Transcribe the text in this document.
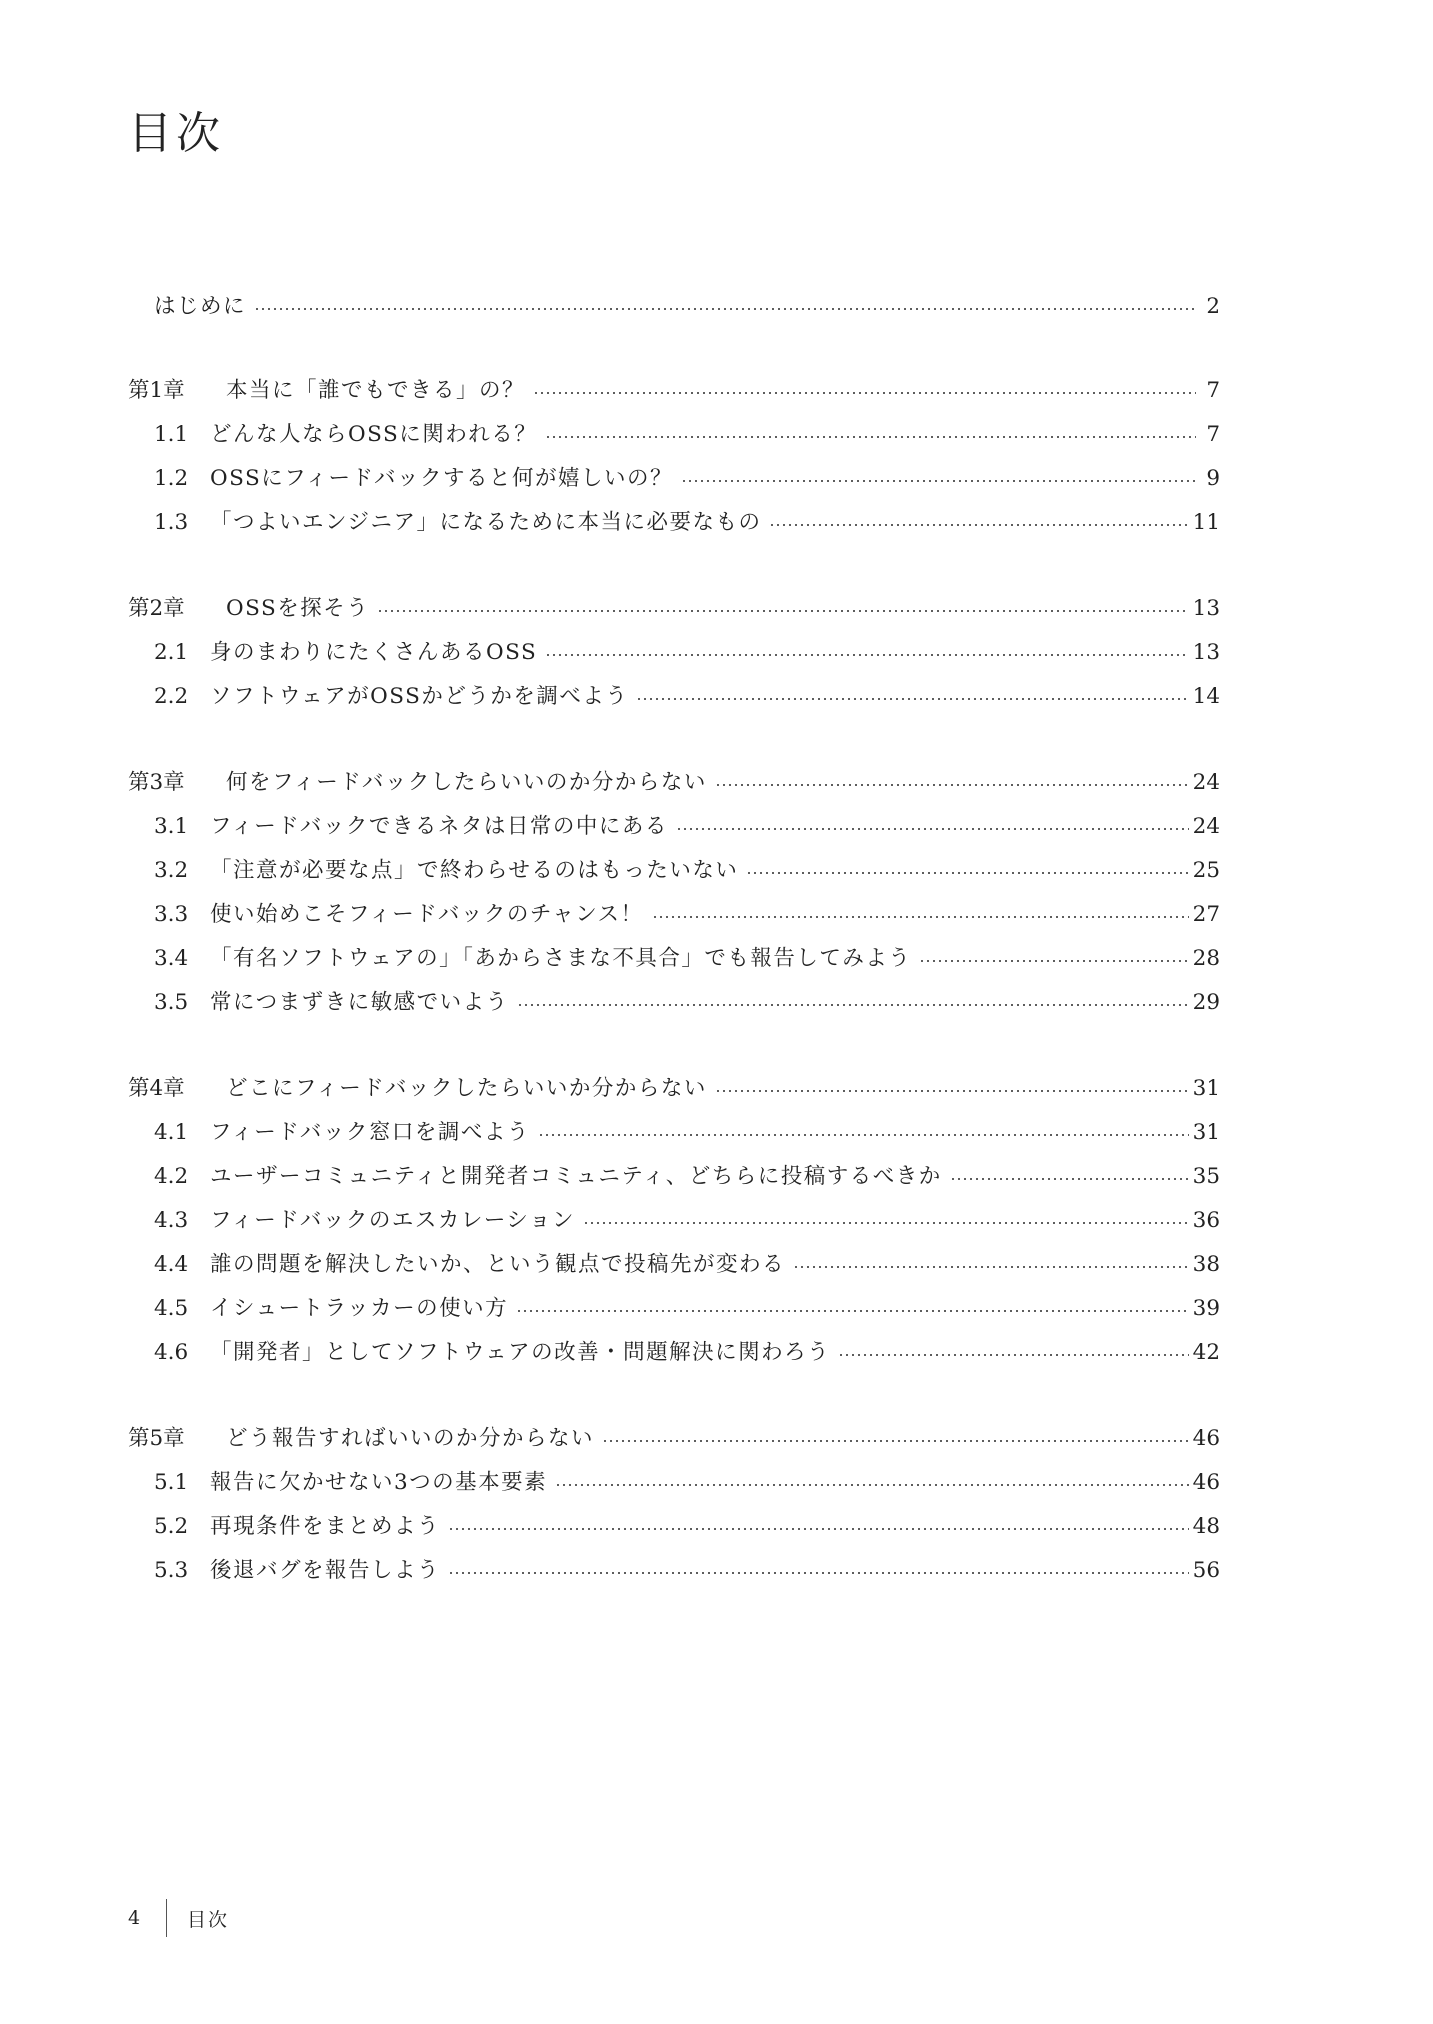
目次
はじめに	2
第1章	本当に「誰でもできる」の？	7
1.1	どんな人ならOSSに関われる？	7
1.2	OSSにフィードバックすると何が嬉しいの？	9
1.3	「つよいエンジニア」になるために本当に必要なもの	11
第2章	OSSを探そう	13
2.1	身のまわりにたくさんあるOSS	13
2.2	ソフトウェアがOSSかどうかを調べよう	14
第3章	何をフィードバックしたらいいのか分からない	24
3.1	フィードバックできるネタは日常の中にある	24
3.2	「注意が必要な点」で終わらせるのはもったいない	25
3.3	使い始めこそフィードバックのチャンス！	27
3.4	「有名ソフトウェアの」「あからさまな不具合」でも報告してみよう	28
3.5	常につまずきに敏感でいよう	29
第4章	どこにフィードバックしたらいいか分からない	31
4.1	フィードバック窓口を調べよう	31
4.2	ユーザーコミュニティと開発者コミュニティ、どちらに投稿するべきか	35
4.3	フィードバックのエスカレーション	36
4.4	誰の問題を解決したいか、という観点で投稿先が変わる	38
4.5	イシュートラッカーの使い方	39
4.6	「開発者」としてソフトウェアの改善・問題解決に関わろう	42
第5章	どう報告すればいいのか分からない	46
5.1	報告に欠かせない3つの基本要素	46
5.2	再現条件をまとめよう	48
5.3	後退バグを報告しよう	56
4	目次
